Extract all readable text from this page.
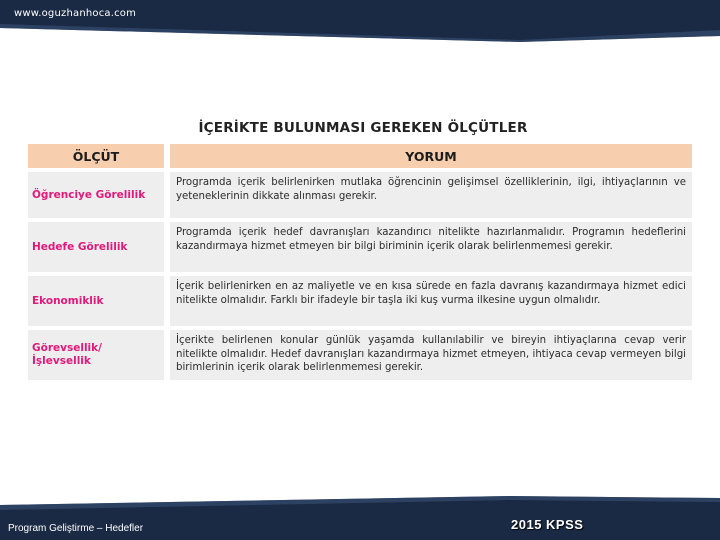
www.oguzhanhoca.com
İÇERİKTE BULUNMASI GEREKEN ÖLÇÜTLER
ÖLÇÜT	YORUM
Öğrenciye Görelilik	Programda içerik belirlenirken mutlaka öğrencinin gelişimsel özelliklerinin, ilgi, ihtiyaçlarının ve yeteneklerinin dikkate alınması gerekir.
Hedefe Görelilik	Programda içerik hedef davranışları kazandırıcı nitelikte hazırlanmalıdır. Programın hedeflerini kazandırmaya hizmet etmeyen bir bilgi biriminin içerik olarak belirlenmemesi gerekir.
Ekonomiklik	İçerik belirlenirken en az maliyetle ve en kısa sürede en fazla davranış kazandırmaya hizmet edici nitelikte olmalıdır. Farklı bir ifadeyle bir taşla iki kuş vurma ilkesine uygun olmalıdır.
Görevsellik/ İşlevsellik	İçerikte belirlenen konular günlük yaşamda kullanılabilir ve bireyin ihtiyaçlarına cevap verir nitelikte olmalıdır. Hedef davranışları kazandırmaya hizmet etmeyen, ihtiyaca cevap vermeyen bilgi birimlerinin içerik olarak belirlenmemesi gerekir.
Program Geliştirme – Hedefler	2015 KPSS
